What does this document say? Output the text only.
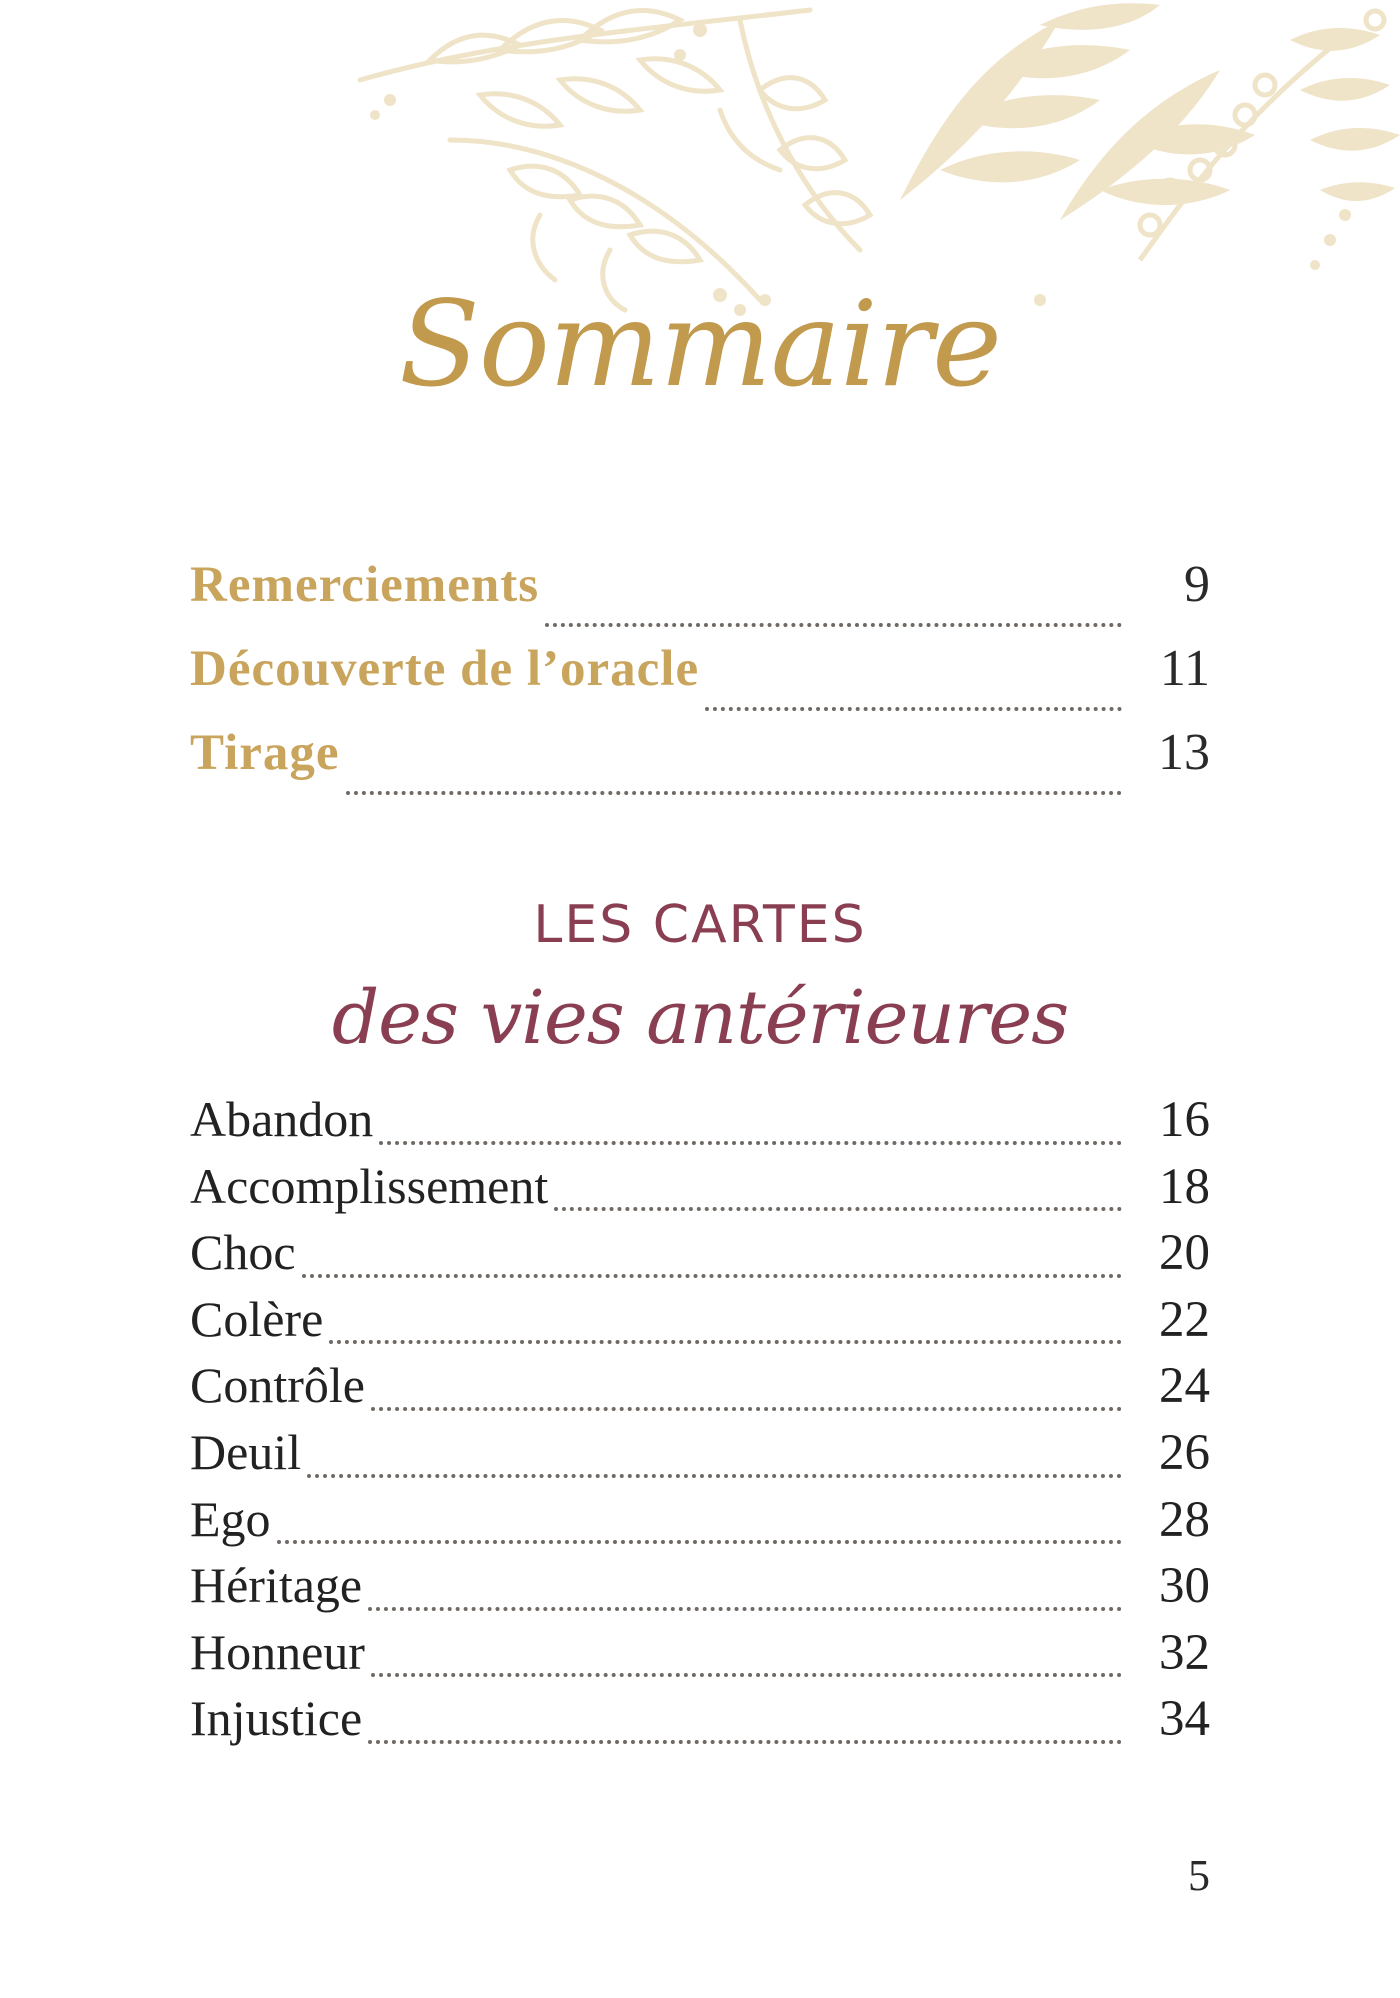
Sommaire
Remerciements	9
Découverte de l’oracle	11
Tirage	13
LES CARTES
des vies antérieures
Abandon	16
Accomplissement	18
Choc	20
Colère	22
Contrôle	24
Deuil	26
Ego	28
Héritage	30
Honneur	32
Injustice	34
5
